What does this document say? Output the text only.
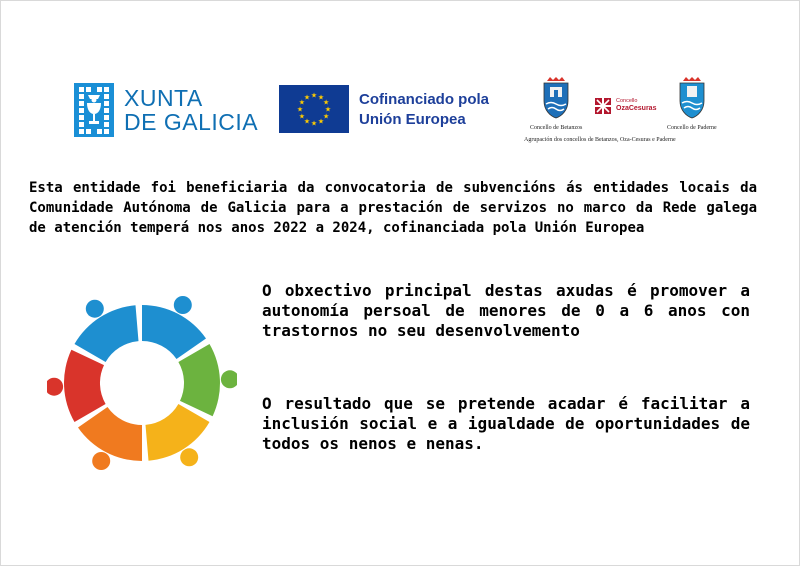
XUNTA
DE GALICIA	★
★
★
★
★
★
★
★
★ ★ ★
★ Cofinanciado pola
Unión Europea	Concello de Betanzos
Concello
OzaCesuras
Concello de Paderne
Agrupación dos concellos de Betanzos, Oza-Cesuras e Paderne
Esta entidade foi beneficiaria da convocatoria de subvencións ás entidades locais da Comunidade Autónoma de Galicia para a prestación de servizos no marco da Rede galega de atención temperá nos anos 2022 a 2024, cofinanciada pola Unión Europea

O obxectivo principal destas axudas é promover a autonomía persoal de menores de 0 a 6 anos con trastornos no seu desenvolvemento

O resultado que se pretende acadar é facilitar a inclusión social e a igualdade de oportunidades de todos os nenos e nenas.
